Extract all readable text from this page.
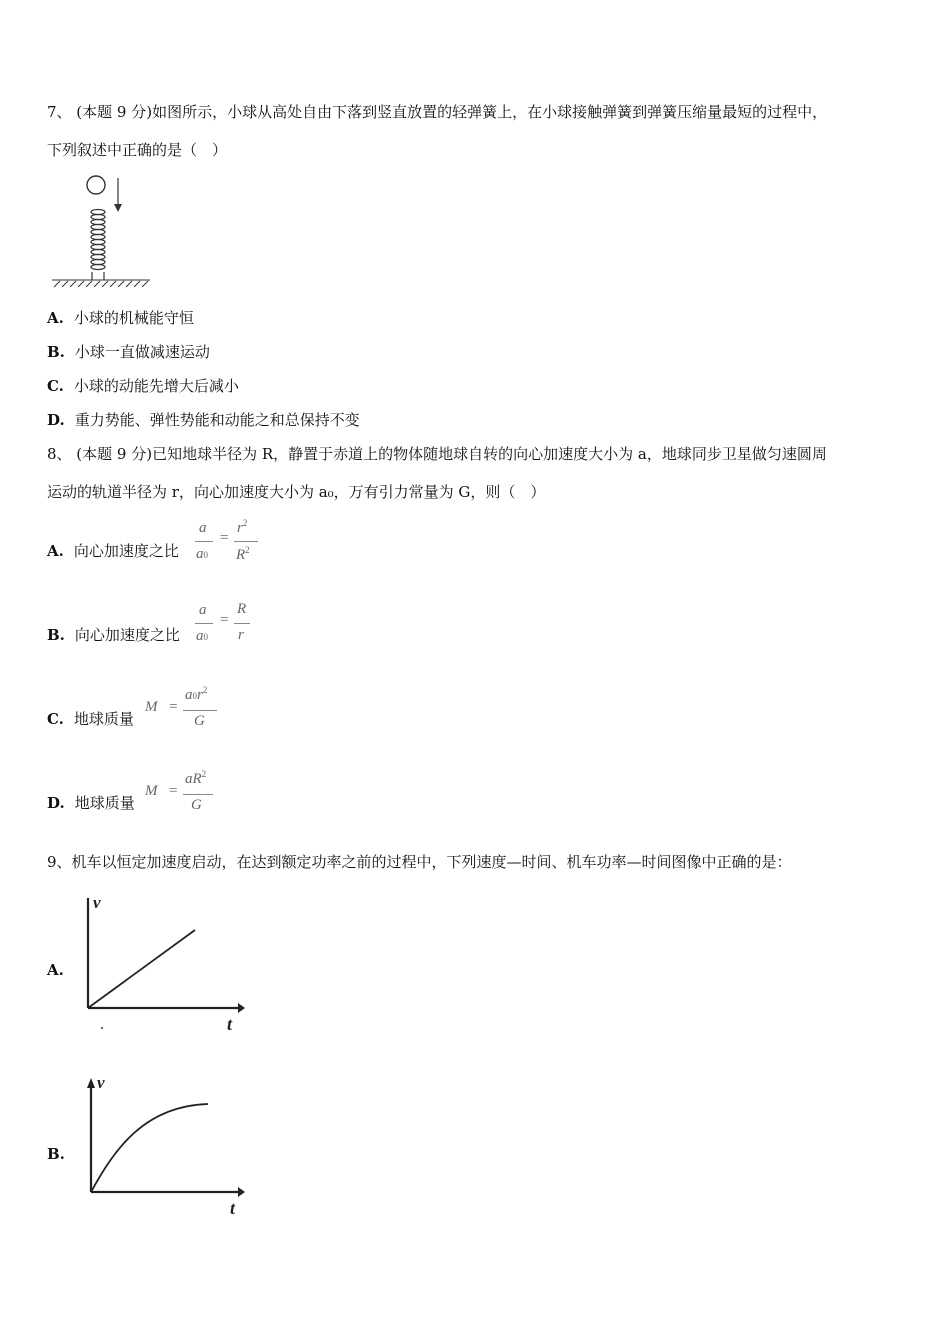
7、 (本题 9 分)如图所示，小球从高处自由下落到竖直放置的轻弹簧上，在小球接触弹簧到弹簧压缩量最短的过程中，
下列叙述中正确的是（　）
A. 小球的机械能守恒
B. 小球一直做减速运动
C. 小球的动能先增大后减小
D. 重力势能、弹性势能和动能之和总保持不变
8、 (本题 9 分)已知地球半径为 R，静置于赤道上的物体随地球自转的向心加速度大小为 a，地球同步卫星做匀速圆周
运动的轨道半径为 r，向心加速度大小为 a₀，万有引力常量为 G，则（　）
A. 向心加速度之比
a
a0
=
$r^2$
$R^2$
B. 向心加速度之比
a
a0
=
R
r
C. 地球质量
M =
$a0r^2$
G
D. 地球质量
M =
$aR^2$
G
9、机车以恒定加速度启动，在达到额定功率之前的过程中，下列速度—时间、机车功率—时间图像中正确的是：
A.
v
t
B.
v
t
